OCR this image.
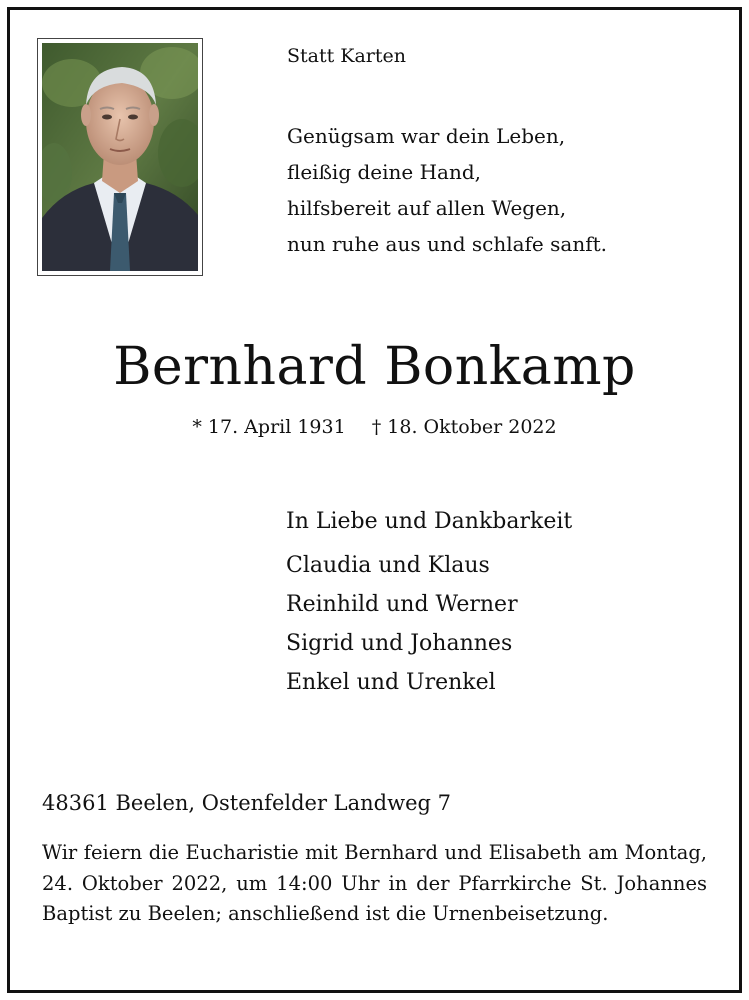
Statt Karten
Genügsam war dein Leben,
fleißig deine Hand,
hilfsbereit auf allen Wegen,
nun ruhe aus und schlafe sanft.
Bernhard Bonkamp
* 17. April 1931 † 18. Oktober 2022
In Liebe und Dankbarkeit
Claudia und Klaus
Reinhild und Werner
Sigrid und Johannes
Enkel und Urenkel
48361 Beelen, Ostenfelder Landweg 7
Wir feiern die Eucharistie mit Bernhard und Elisabeth am Montag, 24. Oktober 2022, um 14:00 Uhr in der Pfarrkirche St. Johannes Baptist zu Beelen; anschließend ist die Urnenbeisetzung.
